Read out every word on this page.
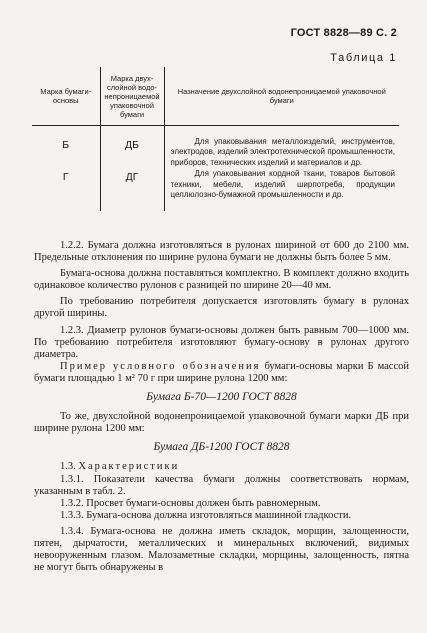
ГОСТ 8828—89 С. 2
Таблица 1
Марка бумаги-основы	Марка двух-слойной водо-непроницаемой упаковочной бумаги	Назначение двухслойной водонепроницаемой упаковочной бумаги
Б	ДБ	Для упаковывания металлоизделий, инструментов, электродов, изделий электротехнической промышленности, приборов, технических изделий и материалов и др.

Г	ДГ	Для упаковывания кордной ткани, товаров бытовой техники, мебели, изделий ширпотреба, продукции целлюлозно-бумажной промышленности и др.

1.2.2. Бумага должна изготовляться в рулонах шириной от 600 до 2100 мм. Предельные отклонения по ширине рулона бумаги не должны быть более 5 мм.

Бумага-основа должна поставляться комплектно. В комплект должно входить одинаковое количество рулонов с разницей по ширине 20—40 мм.

По требованию потребителя допускается изготовлять бумагу в рулонах другой ширины.

1.2.3. Диаметр рулонов бумаги-основы должен быть равным 700—1000 мм. По требованию потребителя изготовляют бумагу-основу в рулонах другого диаметра.

Пример условного обозначения бумаги-основы марки Б массой бумаги площадью 1 м² 70 г при ширине рулона 1200 мм:

Бумага Б-70—1200 ГОСТ 8828

То же, двухслойной водонепроницаемой упаковочной бумаги марки ДБ при ширине рулона 1200 мм:

Бумага ДБ-1200 ГОСТ 8828

1.3. Характеристики

1.3.1. Показатели качества бумаги должны соответствовать нормам, указанным в табл. 2.

1.3.2. Просвет бумаги-основы должен быть равномерным.

1.3.3. Бумага-основа должна изготовляться машинной гладкости.

1.3.4. Бумага-основа не должна иметь складок, морщин, залощенности, пятен, дырчатости, металлических и минеральных включений, видимых невооруженным глазом. Малозаметные складки, морщины, залощенность, пятна не могут быть обнаружены в
